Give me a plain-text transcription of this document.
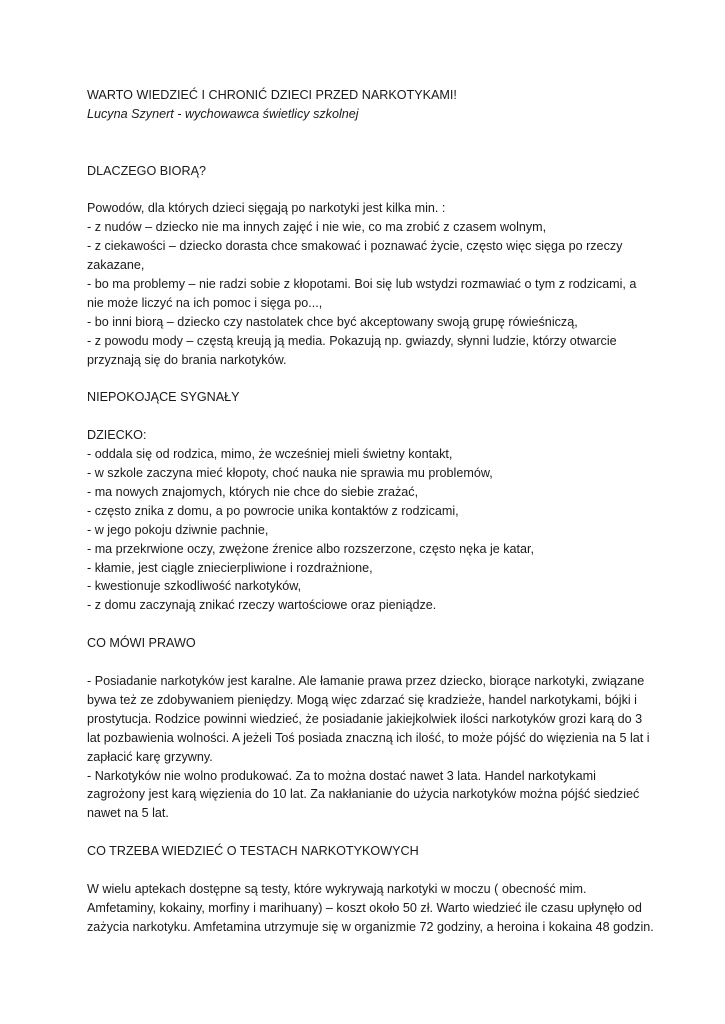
WARTO WIEDZIEĆ I CHRONIĆ DZIECI PRZED NARKOTYKAMI!

Lucyna Szynert - wychowawca świetlicy szkolnej

DLACZEGO BIORĄ?

Powodów, dla których dzieci sięgają po narkotyki jest kilka min. :

- z nudów – dziecko nie ma innych zajęć i nie wie, co ma zrobić z czasem wolnym,

- z ciekawości – dziecko dorasta chce smakować i poznawać życie, często więc sięga po rzeczy

zakazane,

- bo ma problemy – nie radzi sobie z kłopotami. Boi się lub wstydzi rozmawiać o tym z rodzicami, a

nie może liczyć na ich pomoc i sięga po...,

- bo inni biorą – dziecko czy nastolatek chce być akceptowany swoją grupę rówieśniczą,

- z powodu mody – częstą kreują ją media. Pokazują np. gwiazdy, słynni ludzie, którzy otwarcie

przyznają się do brania narkotyków.

NIEPOKOJĄCE SYGNAŁY

DZIECKO:

- oddala się od rodzica, mimo, że wcześniej mieli świetny kontakt,

- w szkole zaczyna mieć kłopoty, choć nauka nie sprawia mu problemów,

- ma nowych znajomych, których nie chce do siebie zrażać,

- często znika z domu, a po powrocie unika kontaktów z rodzicami,

- w jego pokoju dziwnie pachnie,

- ma przekrwione oczy, zwężone źrenice albo rozszerzone, często nęka je katar,

- kłamie, jest ciągle zniecierpliwione i rozdrażnione,

- kwestionuje szkodliwość narkotyków,

- z domu zaczynają znikać rzeczy wartościowe oraz pieniądze.

CO MÓWI PRAWO

- Posiadanie narkotyków jest karalne. Ale łamanie prawa przez dziecko, biorące narkotyki, związane

bywa też ze zdobywaniem pieniędzy. Mogą więc zdarzać się kradzieże, handel narkotykami, bójki i

prostytucja. Rodzice powinni wiedzieć, że posiadanie jakiejkolwiek ilości narkotyków grozi karą do 3

lat pozbawienia wolności. A jeżeli Toś posiada znaczną ich ilość, to może pójść do więzienia na 5 lat i

zapłacić karę grzywny.

- Narkotyków nie wolno produkować. Za to można dostać nawet 3 lata. Handel narkotykami

zagrożony jest karą więzienia do 10 lat. Za nakłanianie do użycia narkotyków można pójść siedzieć

nawet na 5 lat.

CO TRZEBA WIEDZIEĆ O TESTACH NARKOTYKOWYCH

W wielu aptekach dostępne są testy, które wykrywają narkotyki w moczu ( obecność mim.

Amfetaminy, kokainy, morfiny i marihuany) – koszt około 50 zł. Warto wiedzieć ile czasu upłynęło od

zażycia narkotyku. Amfetamina utrzymuje się w organizmie 72 godziny, a heroina i kokaina 48 godzin.
